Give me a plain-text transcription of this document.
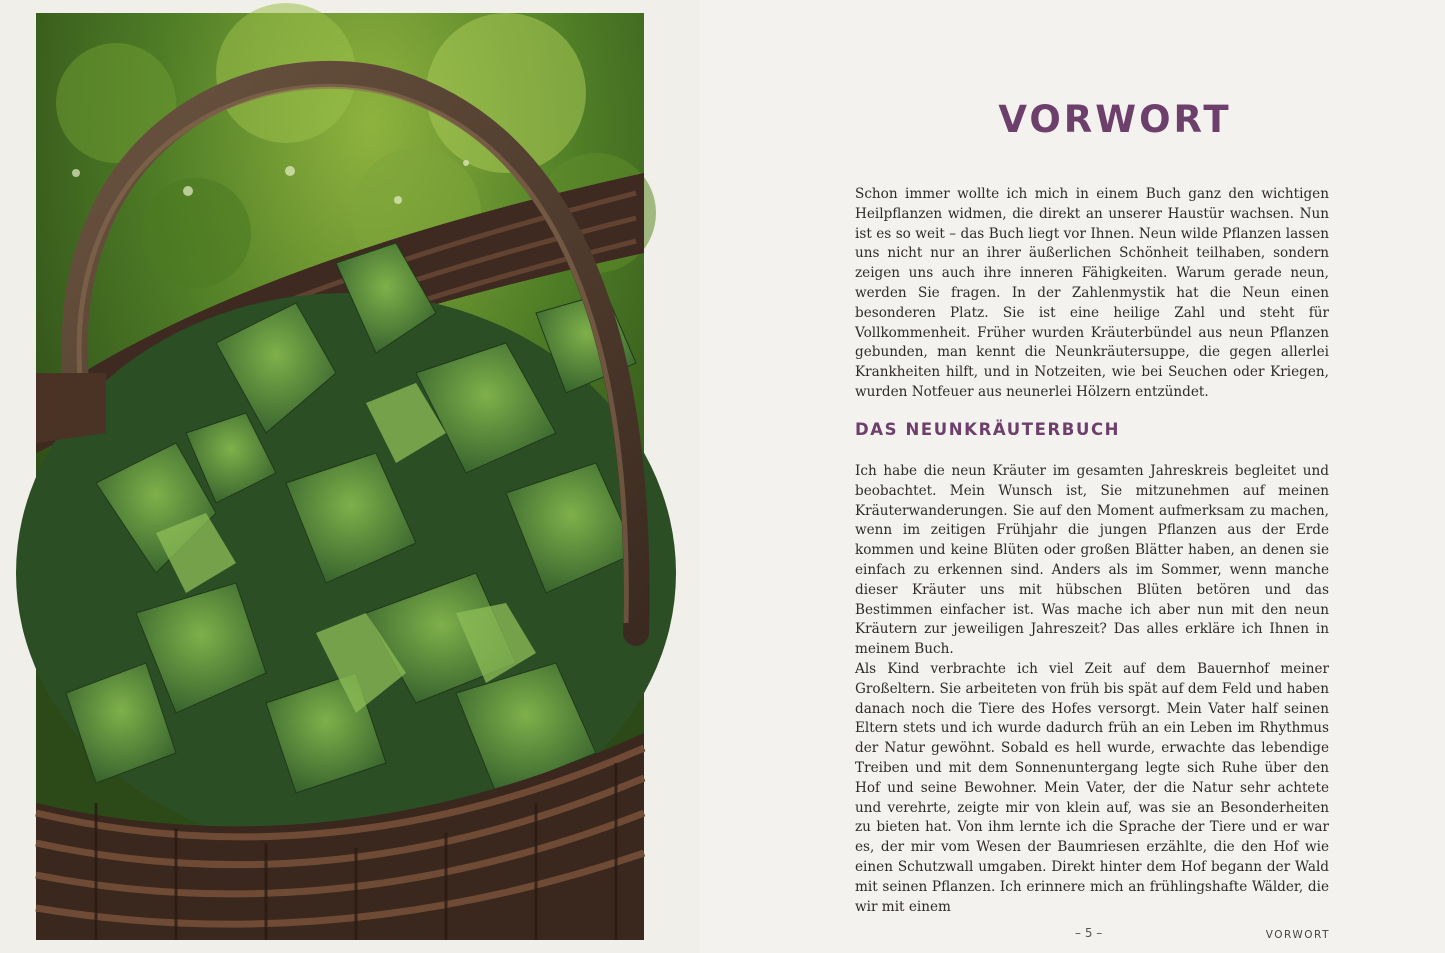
VORWORT

Schon immer wollte ich mich in einem Buch ganz den wichtigen Heilpflanzen widmen, die direkt an unserer Haustür wachsen. Nun ist es so weit – das Buch liegt vor Ihnen. Neun wilde Pflanzen lassen uns nicht nur an ihrer äußerlichen Schönheit teilhaben, sondern zeigen uns auch ihre inneren Fähigkeiten. Warum gerade neun, werden Sie fragen. In der Zahlenmystik hat die Neun einen besonderen Platz. Sie ist eine heilige Zahl und steht für Vollkommenheit. Früher wurden Kräuterbündel aus neun Pflanzen gebunden, man kennt die Neunkräutersuppe, die gegen allerlei Krankheiten hilft, und in Notzeiten, wie bei Seuchen oder Kriegen, wurden Notfeuer aus neunerlei Hölzern entzündet.

DAS NEUNKRÄUTERBUCH

Ich habe die neun Kräuter im gesamten Jahreskreis begleitet und beobachtet. Mein Wunsch ist, Sie mitzunehmen auf meinen Kräuterwanderungen. Sie auf den Moment aufmerksam zu machen, wenn im zeitigen Frühjahr die jungen Pflanzen aus der Erde kommen und keine Blüten oder großen Blätter haben, an denen sie einfach zu erkennen sind. Anders als im Sommer, wenn manche dieser Kräuter uns mit hübschen Blüten betören und das Bestimmen einfacher ist. Was mache ich aber nun mit den neun Kräutern zur jeweiligen Jahreszeit? Das alles erkläre ich Ihnen in meinem Buch.

Als Kind verbrachte ich viel Zeit auf dem Bauernhof meiner Großeltern. Sie arbeiteten von früh bis spät auf dem Feld und haben danach noch die Tiere des Hofes versorgt. Mein Vater half seinen Eltern stets und ich wurde dadurch früh an ein Leben im Rhythmus der Natur gewöhnt. Sobald es hell wurde, erwachte das lebendige Treiben und mit dem Sonnenuntergang legte sich Ruhe über den Hof und seine Bewohner. Mein Vater, der die Natur sehr achtete und verehrte, zeigte mir von klein auf, was sie an Besonderheiten zu bieten hat. Von ihm lernte ich die Sprache der Tiere und er war es, der mir vom Wesen der Baumriesen erzählte, die den Hof wie einen Schutzwall umgaben. Direkt hinter dem Hof begann der Wald mit seinen Pflanzen. Ich erinnere mich an frühlingshafte Wälder, die wir mit einem

– 5 –	VORWORT
